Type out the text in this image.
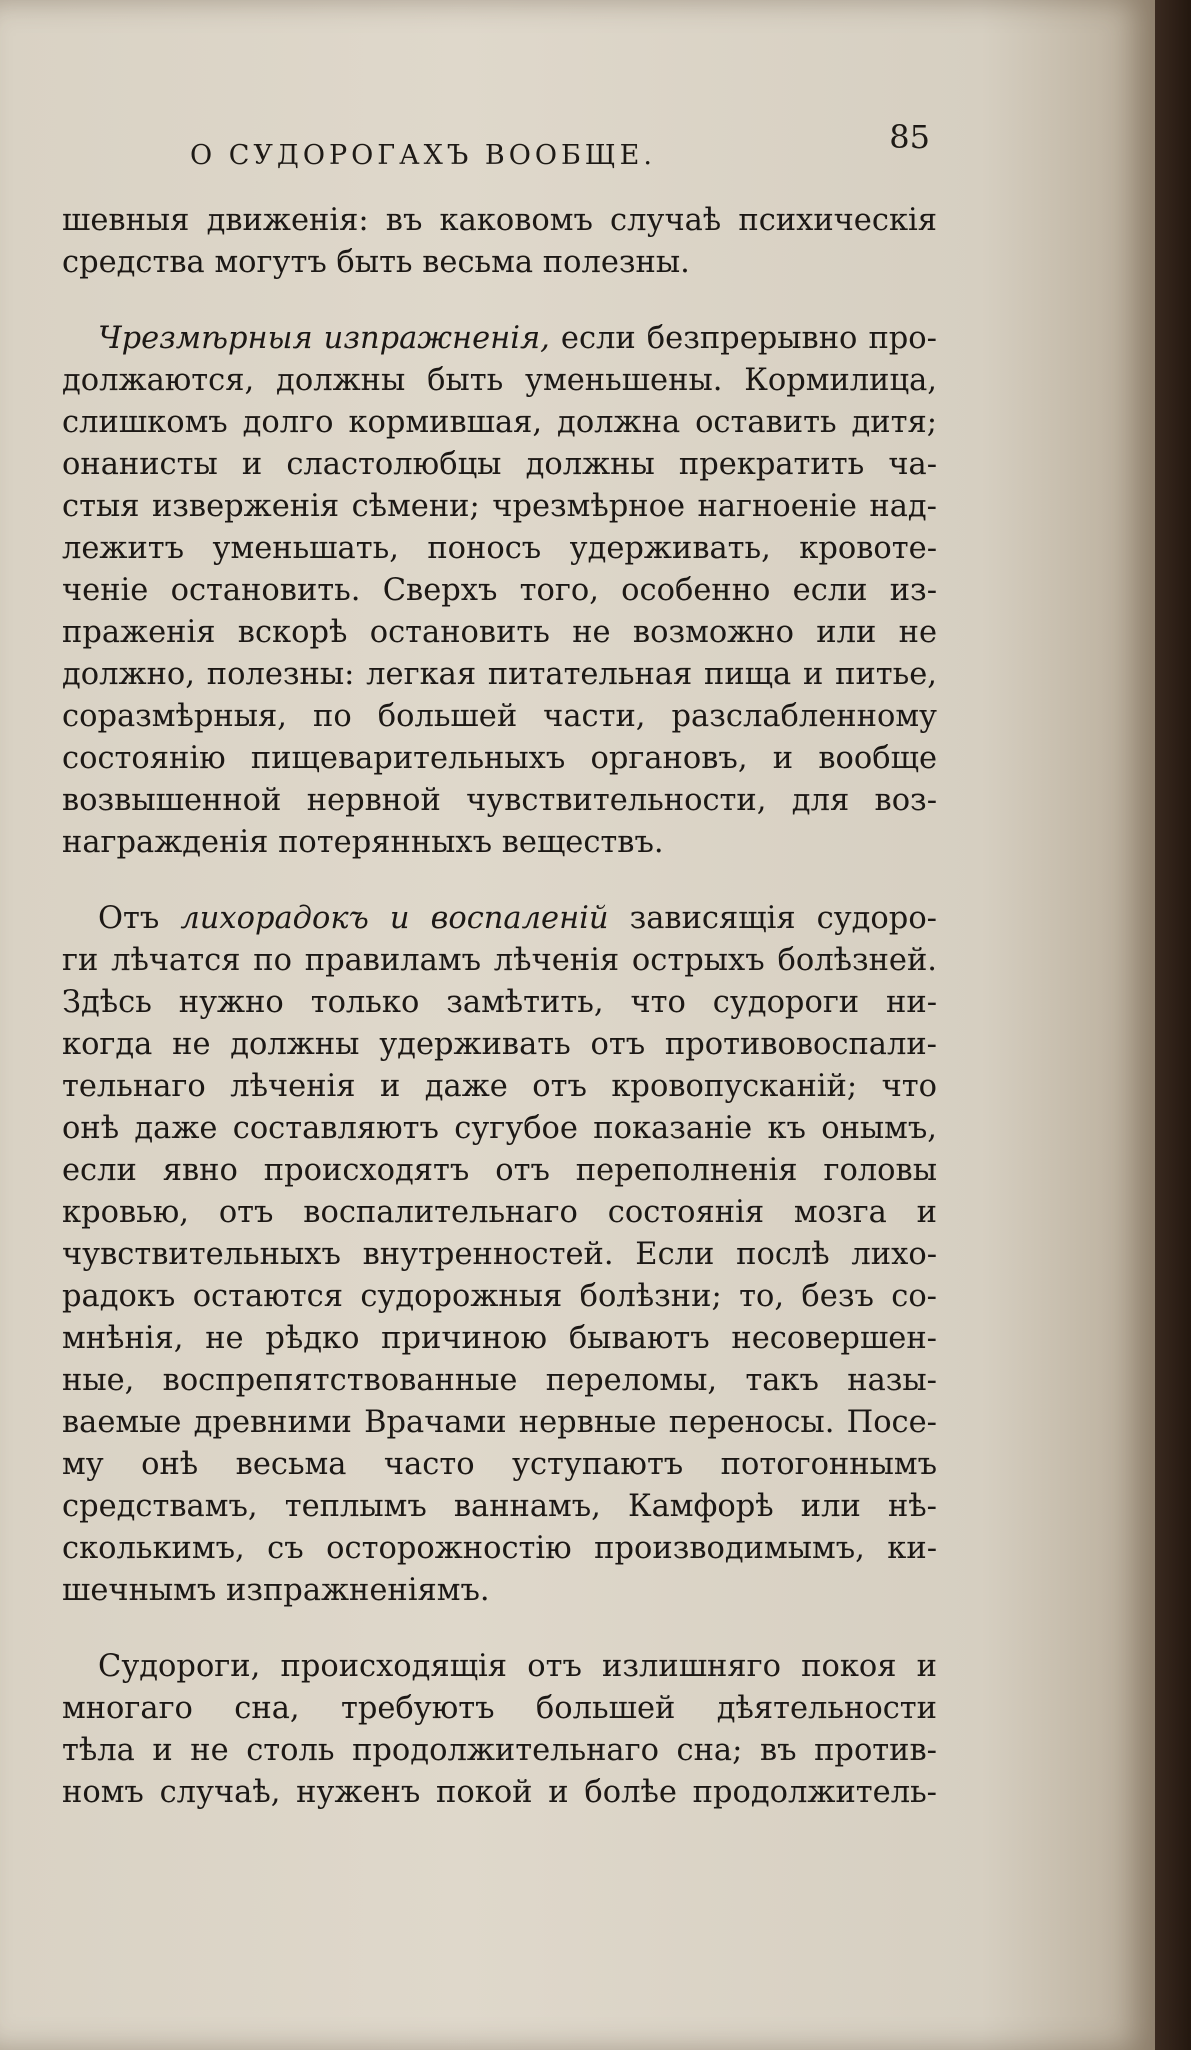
О СУДОРОГАХЪ ВООБЩЕ.	85

шевныя движенія: въ каковомъ случаѣ психическія
средства могутъ быть весьма полезны.

Чрезмѣрныя изпражненія, если безпрерывно про-
должаются, должны быть уменьшены. Кормилица,
слишкомъ долго кормившая, должна оставить дитя;
онанисты и сластолюбцы должны прекратить ча-
стыя изверженія сѣмени; чрезмѣрное нагноеніе над-
лежитъ уменьшать, поносъ удерживать, кровоте-
ченіе остановить. Сверхъ того, особенно если из-
праженія вскорѣ остановить не возможно или не
должно, полезны: легкая питательная пища и питье,
соразмѣрныя, по большей части, разслабленному
состоянію пищеварительныхъ органовъ, и вообще
возвышенной нервной чувствительности, для воз-
награжденія потерянныхъ веществъ.

Отъ лихорадокъ и воспаленій зависящія судоро-
ги лѣчатся по правиламъ лѣченія острыхъ болѣзней.
Здѣсь нужно только замѣтить, что судороги ни-
когда не должны удерживать отъ противовоспали-
тельнаго лѣченія и даже отъ кровопусканій; что
онѣ даже составляютъ сугубое показаніе къ онымъ,
если явно происходятъ отъ переполненія головы
кровью, отъ воспалительнаго состоянія мозга и
чувствительныхъ внутренностей. Если послѣ лихо-
радокъ остаются судорожныя болѣзни; то, безъ со-
мнѣнія, не рѣдко причиною бываютъ несовершен-
ные, воспрепятствованные переломы, такъ назы-
ваемые древними Врачами нервные переносы. Посе-
му онѣ весьма часто уступаютъ потогоннымъ
средствамъ, теплымъ ваннамъ, Камфорѣ или нѣ-
сколькимъ, съ осторожностію производимымъ, ки-
шечнымъ изпражненіямъ.

Судороги, происходящія отъ излишняго покоя и
многаго сна, требуютъ большей дѣятельности
тѣла и не столь продолжительнаго сна; въ против-
номъ случаѣ, нуженъ покой и болѣе продолжитель-
